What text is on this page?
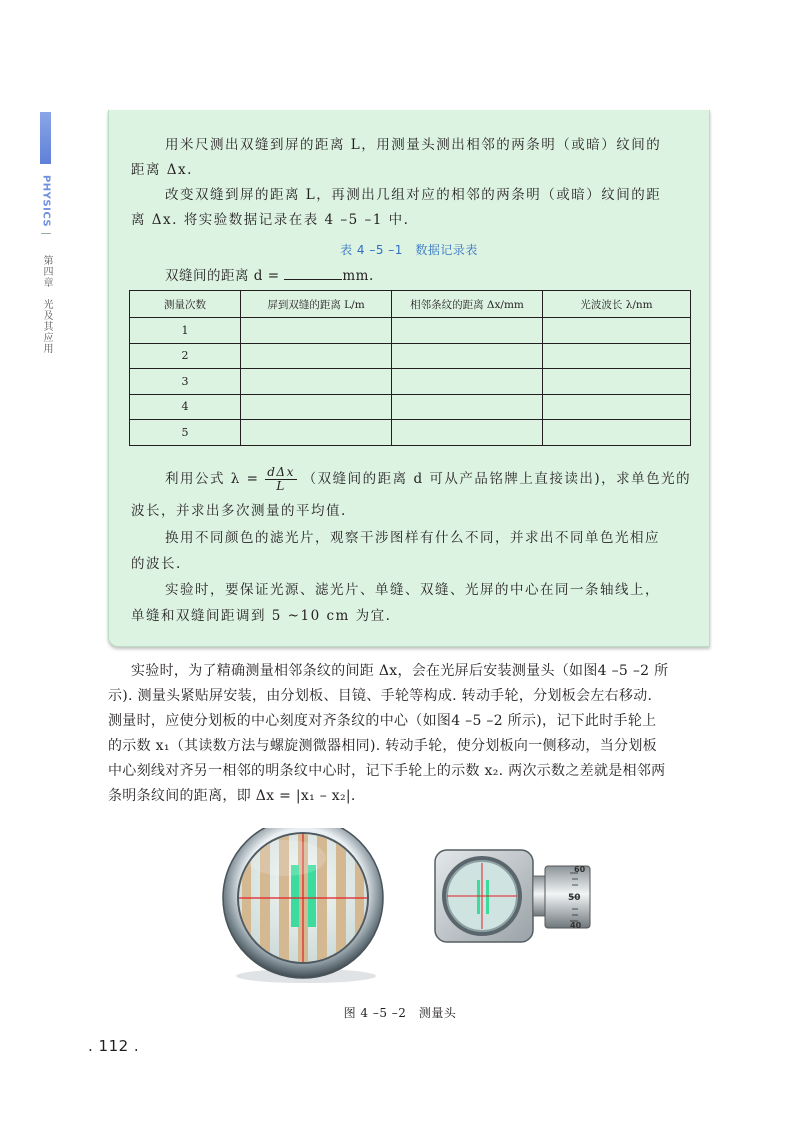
PHYSICS
第四章　光及其应用
用米尺测出双缝到屏的距离 L，用测量头测出相邻的两条明（或暗）纹间的
距离 Δx.
改变双缝到屏的距离 L，再测出几组对应的相邻的两条明（或暗）纹间的距
离 Δx. 将实验数据记录在表 4 –5 –1 中.
表 4 –5 –1　数据记录表
双缝间的距离 d =	mm.
测量次数	屏到双缝的距离 L/m	相邻条纹的距离 Δx/mm	光波波长 λ/nm
1			
2			
3			
4			
5			
利用公式 $\lambda = \frac{\text{dΔx}}{L}$ （双缝间的距离 d 可从产品铭牌上直接读出)，求单色光的
波长，并求出多次测量的平均值.
换用不同颜色的滤光片，观察干涉图样有什么不同，并求出不同单色光相应
的波长.
实验时，要保证光源、滤光片、单缝、双缝、光屏的中心在同一条轴线上，
单缝和双缝间距调到 5 ~10 cm 为宜.
实验时，为了精确测量相邻条纹的间距 Δx，会在光屏后安装测量头（如图4 –5 –2 所
示). 测量头紧贴屏安装，由分划板、目镜、手轮等构成. 转动手轮，分划板会左右移动.
测量时，应使分划板的中心刻度对齐条纹的中心（如图4 –5 –2 所示)，记下此时手轮上
的示数 x₁（其读数方法与螺旋测微器相同). 转动手轮，使分划板向一侧移动，当分划板
中心刻线对齐另一相邻的明条纹中心时，记下手轮上的示数 x₂. 两次示数之差就是相邻两
条明条纹间的距离，即 Δx = |x₁ – x₂|.
60
50
40
图 4 –5 –2　测量头
. 112 .
